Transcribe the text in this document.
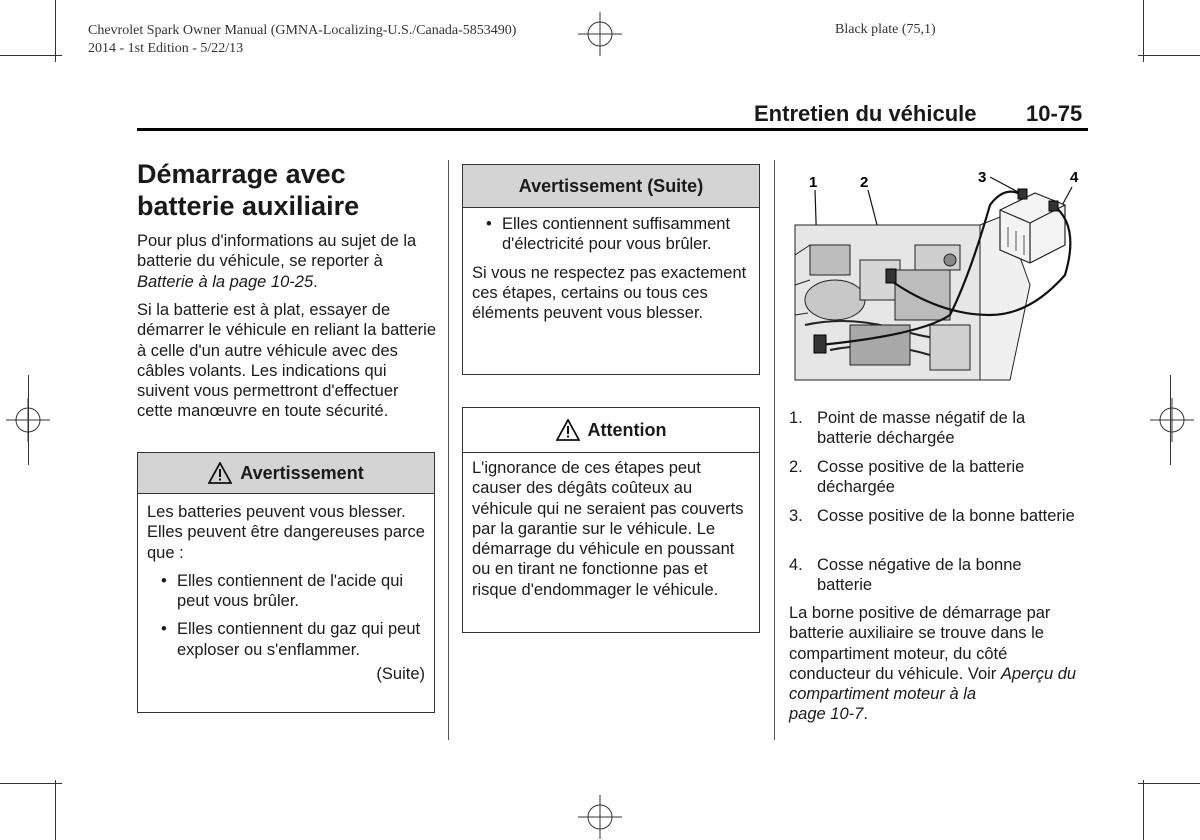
Chevrolet Spark Owner Manual (GMNA-Localizing-U.S./Canada-5853490)
2014 - 1st Edition - 5/22/13
Black plate (75,1)
Entretien du véhicule 10-75
Démarrage avec batterie auxiliaire

Pour plus d'informations au sujet de la batterie du véhicule, se reporter à Batterie à la page 10-25.

Si la batterie est à plat, essayer de démarrer le véhicule en reliant la batterie à celle d'un autre véhicule avec des câbles volants. Les indications qui suivent vous permettront d'effectuer cette manœuvre en toute sécurité.

Avertissement
Les batteries peuvent vous blesser. Elles peuvent être dangereuses parce que :
• Elles contiennent de l'acide qui peut vous brûler.
• Elles contiennent du gaz qui peut exploser ou s'enflammer.
(Suite)
Avertissement (Suite)
• Elles contiennent suffisamment d'électricité pour vous brûler.
Si vous ne respectez pas exactement ces étapes, certains ou tous ces éléments peuvent vous blesser.
Attention
L'ignorance de ces étapes peut causer des dégâts coûteux au véhicule qui ne seraient pas couverts par la garantie sur le véhicule. Le démarrage du véhicule en poussant ou en tirant ne fonctionne pas et risque d'endommager le véhicule.
1	2	3	4
1. Point de masse négatif de la batterie déchargée
2. Cosse positive de la batterie déchargée
3. Cosse positive de la bonne batterie
4. Cosse négative de la bonne batterie

La borne positive de démarrage par batterie auxiliaire se trouve dans le compartiment moteur, du côté conducteur du véhicule. Voir Aperçu du compartiment moteur à la
page 10-7.
